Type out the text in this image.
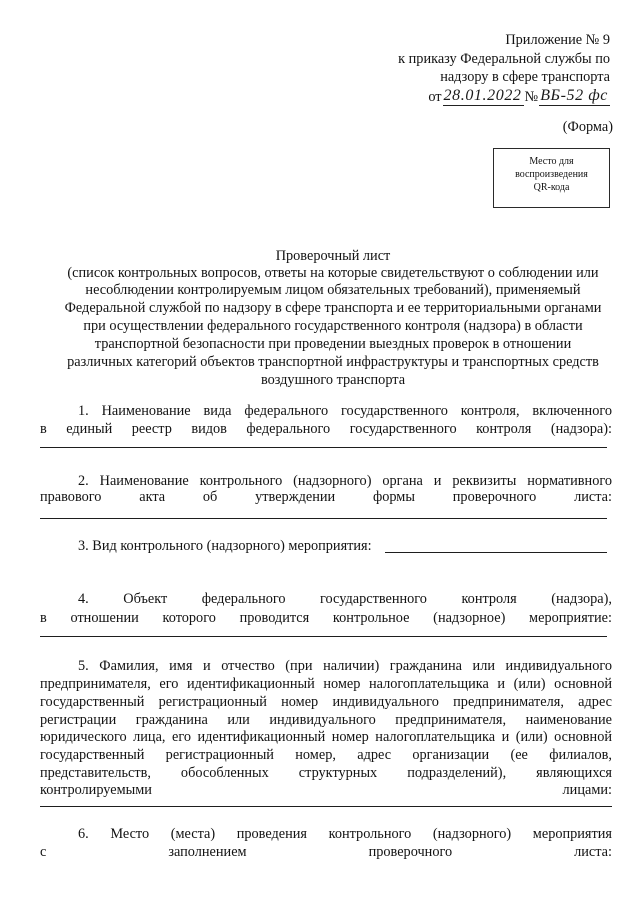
Приложение № 9
к приказу Федеральной службы по
надзору в сфере транспорта
от 28.01.2022 № ВБ-52 фс
(Форма)
Место для
воспроизведения
QR-кода
Проверочный лист
(список контрольных вопросов, ответы на которые свидетельствуют о соблюдении или
несоблюдении контролируемым лицом обязательных требований), применяемый
Федеральной службой по надзору в сфере транспорта и ее территориальными органами
при осуществлении федерального государственного контроля (надзора) в области
транспортной безопасности при проведении выездных проверок в отношении
различных категорий объектов транспортной инфраструктуры и транспортных средств
воздушного транспорта
1. Наименование вида федерального государственного контроля, включенного
в единый реестр видов федерального государственного контроля (надзора):
2. Наименование контрольного (надзорного) органа и реквизиты нормативного
правового акта об утверждении формы проверочного листа:
3. Вид контрольного (надзорного) мероприятия:
4. Объект федерального государственного контроля (надзора),
в отношении которого проводится контрольное (надзорное) мероприятие:
5. Фамилия, имя и отчество (при наличии) гражданина или индивидуального
предпринимателя, его идентификационный номер налогоплательщика и (или) основной
государственный регистрационный номер индивидуального предпринимателя, адрес
регистрации гражданина или индивидуального предпринимателя, наименование
юридического лица, его идентификационный номер налогоплательщика и (или) основной
государственный регистрационный номер, адрес организации (ее филиалов,
представительств, обособленных структурных подразделений), являющихся
контролируемыми лицами:
6. Место (места) проведения контрольного (надзорного) мероприятия
с заполнением проверочного листа:
